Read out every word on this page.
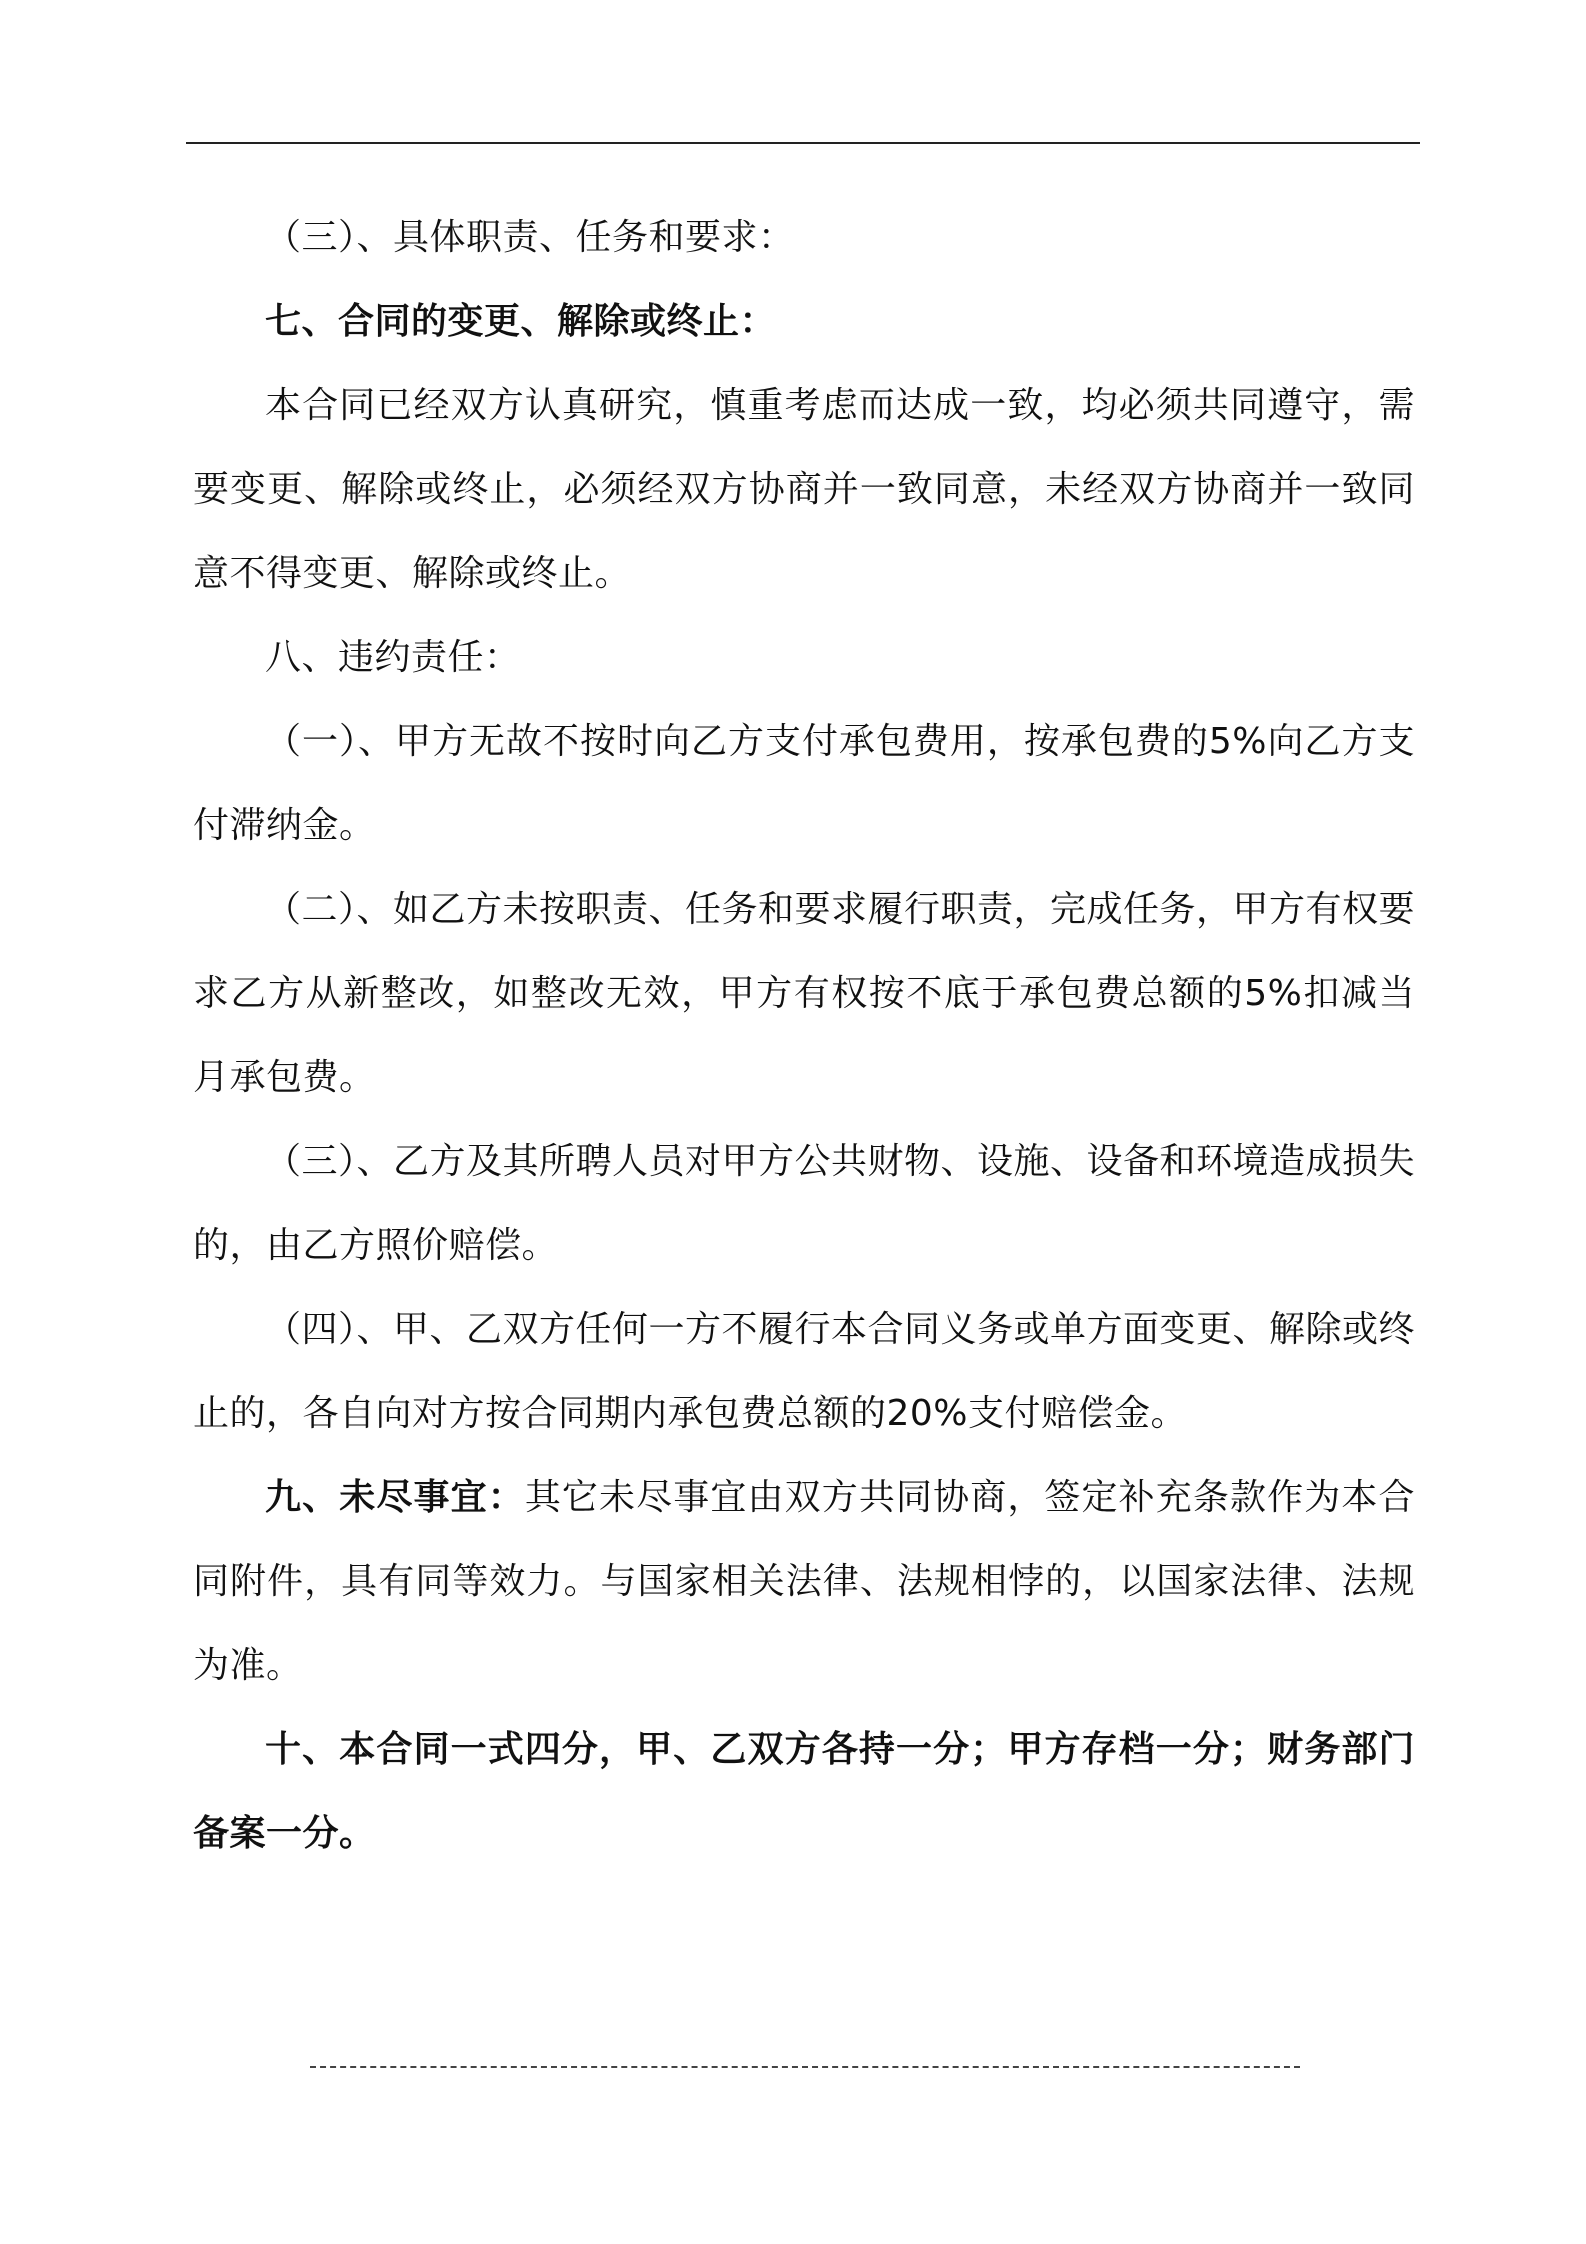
（三）、具体职责、任务和要求：

七、合同的变更、解除或终止：

本合同已经双方认真研究，慎重考虑而达成一致，均必须共同遵守，需要变更、解除或终止，必须经双方协商并一致同意，未经双方协商并一致同意不得变更、解除或终止。

八、违约责任：

（一）、甲方无故不按时向乙方支付承包费用，按承包费的5%向乙方支付滞纳金。

（二）、如乙方未按职责、任务和要求履行职责，完成任务，甲方有权要求乙方从新整改，如整改无效，甲方有权按不底于承包费总额的5%扣减当月承包费。

（三）、乙方及其所聘人员对甲方公共财物、设施、设备和环境造成损失的，由乙方照价赔偿。

（四）、甲、乙双方任何一方不履行本合同义务或单方面变更、解除或终止的，各自向对方按合同期内承包费总额的20%支付赔偿金。

九、未尽事宜：其它未尽事宜由双方共同协商，签定补充条款作为本合同附件，具有同等效力。与国家相关法律、法规相悖的，以国家法律、法规为准。

十、本合同一式四分，甲、乙双方各持一分；甲方存档一分；财务部门备案一分。
